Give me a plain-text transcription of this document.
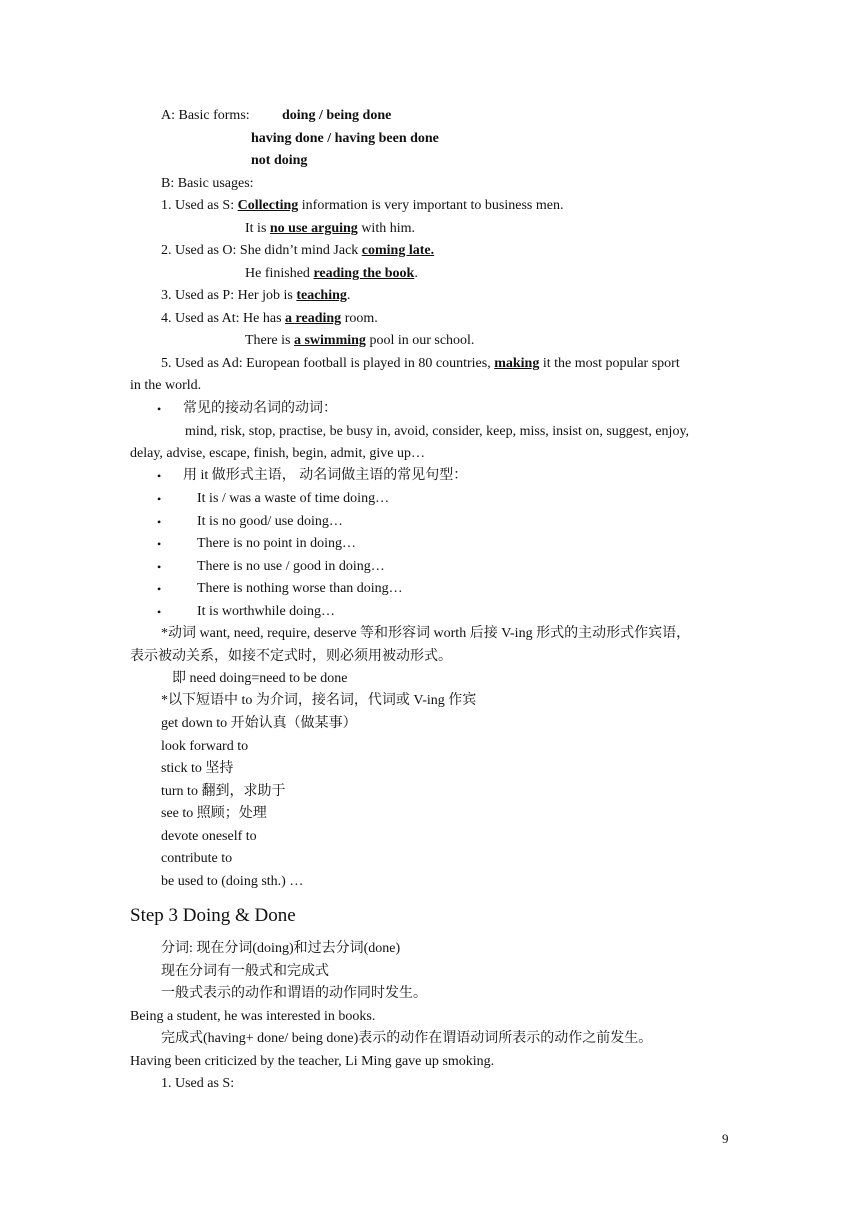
A: Basic forms: doing / being done
having done / having been done
not doing
B: Basic usages:
1. Used as S: Collecting information is very important to business men.
It is no use arguing with him.
2. Used as O: She didn’t mind Jack coming late.
He finished reading the book.
3. Used as P: Her job is teaching.
4. Used as At: He has a reading room.
There is a swimming pool in our school.
5. Used as Ad: European football is played in 80 countries, making it the most popular sport
in the world.
• 常见的接动名词的动词：
mind, risk, stop, practise, be busy in, avoid, consider, keep, miss, insist on, suggest, enjoy,
delay, advise, escape, finish, begin, admit, give up…
• 用 it 做形式主语， 动名词做主语的常见句型：
•	It is / was a waste of time doing…
•	It is no good/ use doing…
•	There is no point in doing…
•	There is no use / good in doing…
•	There is nothing worse than doing…
•	It is worthwhile doing…
*动词 want, need, require, deserve 等和形容词 worth 后接 V-ing 形式的主动形式作宾语，
表示被动关系，如接不定式时，则必须用被动形式。
即 need doing=need to be done
*以下短语中 to 为介词，接名词，代词或 V-ing 作宾
get down to 开始认真（做某事）
look forward to
stick to 坚持
turn to 翻到，求助于
see to 照顾；处理
devote oneself to
contribute to
be used to (doing sth.) …
Step 3 Doing & Done
分词: 现在分词(doing)和过去分词(done)
现在分词有一般式和完成式
一般式表示的动作和谓语的动作同时发生。
Being a student, he was interested in books.
完成式(having+ done/ being done)表示的动作在谓语动词所表示的动作之前发生。
Having been criticized by the teacher, Li Ming gave up smoking.
1. Used as S:
9
